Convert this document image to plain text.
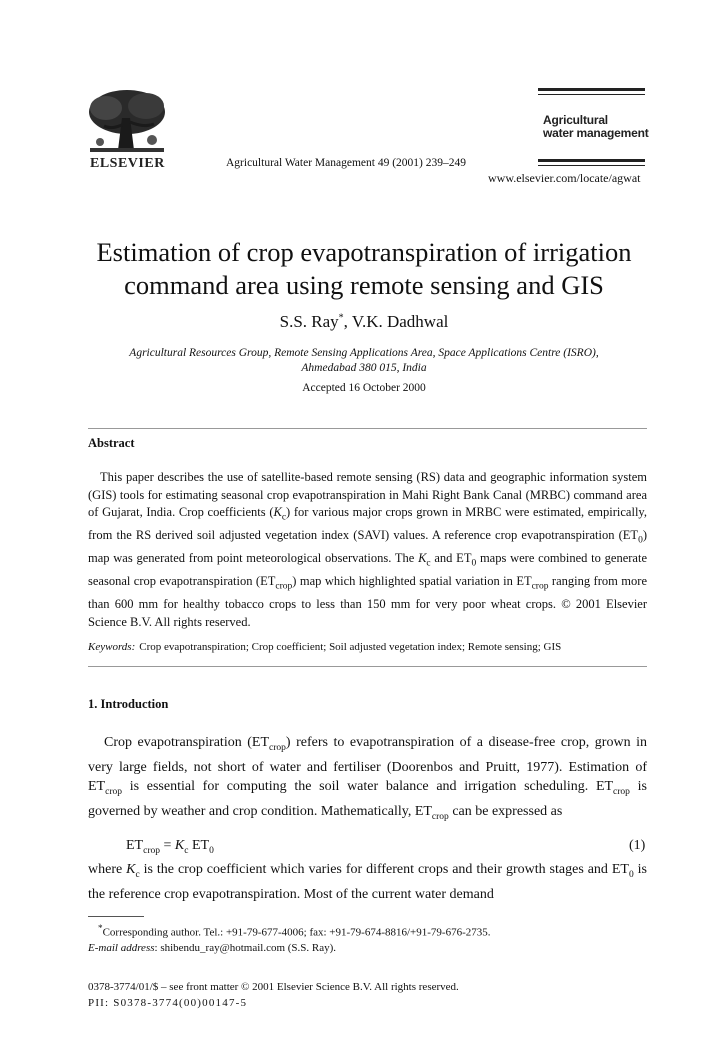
ELSEVIER	Agricultural Water Management 49 (2001) 239–249
Agricultural
water management
www.elsevier.com/locate/agwat
Estimation of crop evapotranspiration of irrigation command area using remote sensing and GIS
S.S. Ray*, V.K. Dadhwal
Agricultural Resources Group, Remote Sensing Applications Area, Space Applications Centre (ISRO),
Ahmedabad 380 015, India
Accepted 16 October 2000
Abstract

This paper describes the use of satellite-based remote sensing (RS) data and geographic information system (GIS) tools for estimating seasonal crop evapotranspiration in Mahi Right Bank Canal (MRBC) command area of Gujarat, India. Crop coefficients $(K_c)$ for various major crops grown in MRBC were estimated, empirically, from the RS derived soil adjusted vegetation index (SAVI) values. A reference crop evapotranspiration $(ET_0)$ map was generated from point meteorological observations. The $K_c$ and $ET_0$ maps were combined to generate seasonal crop evapotranspiration $(ET_{crop})$ map which highlighted spatial variation in $ET_{crop}$ ranging from more than 600 mm for healthy tobacco crops to less than 150 mm for very poor wheat crops. © 2001 Elsevier Science B.V. All rights reserved.

Keywords: Crop evapotranspiration; Crop coefficient; Soil adjusted vegetation index; Remote sensing; GIS
1. Introduction

Crop evapotranspiration $(ET_{crop})$ refers to evapotranspiration of a disease-free crop, grown in very large fields, not short of water and fertiliser (Doorenbos and Pruitt, 1977). Estimation of $ET_{crop}$ is essential for computing the soil water balance and irrigation scheduling. $ET_{crop}$ is governed by weather and crop condition. Mathematically, $ET_{crop}$ can be expressed as

$ET_{crop} = K_c$ $ET_0$	(1)

where $K_c$ is the crop coefficient which varies for different crops and their growth stages and $ET_0$ is the reference crop evapotranspiration. Most of the current water demand

*Corresponding author. Tel.: +91-79-677-4006; fax: +91-79-674-8816/+91-79-676-2735.

E-mail address: shibendu_ray@hotmail.com (S.S. Ray).

0378-3774/01/$ – see front matter © 2001 Elsevier Science B.V. All rights reserved.

PII: S0378-3774(00)00147-5
